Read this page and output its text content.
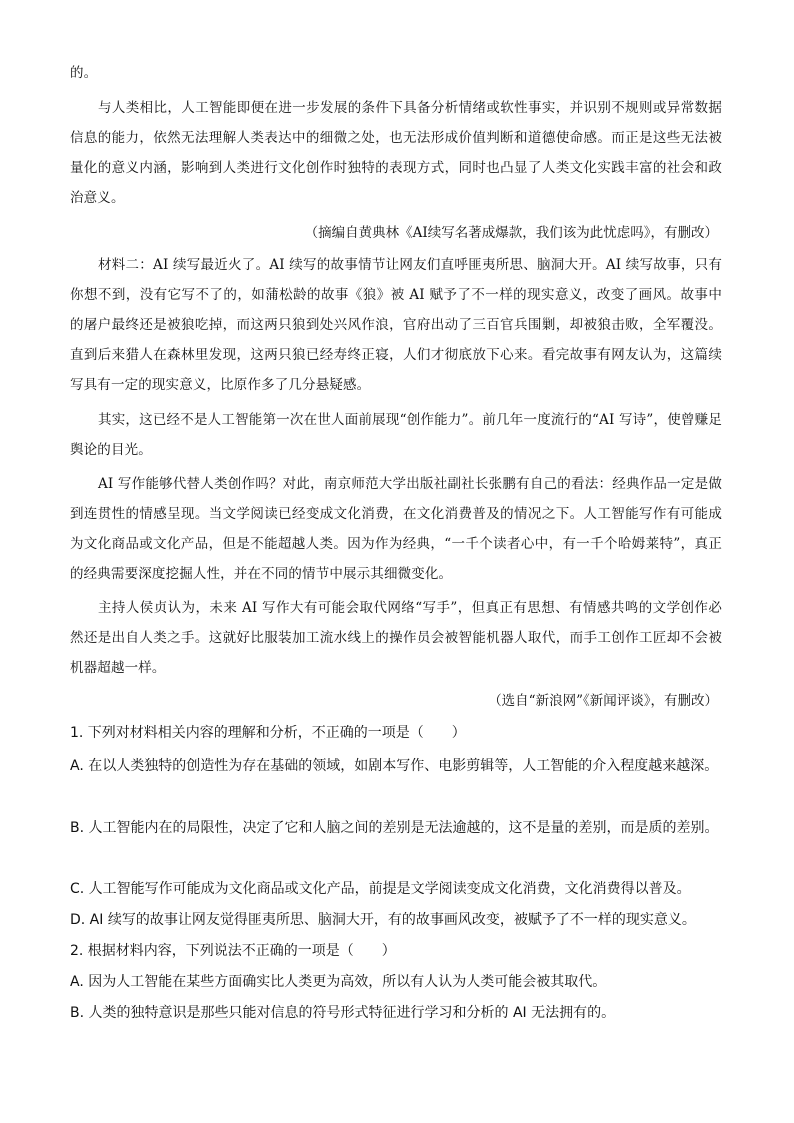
的。
与人类相比，人工智能即便在进一步发展的条件下具备分析情绪或软性事实，并识别不规则或异常数据信息的能力，依然无法理解人类表达中的细微之处，也无法形成价值判断和道德使命感。而正是这些无法被量化的意义内涵，影响到人类进行文化创作时独特的表现方式，同时也凸显了人类文化实践丰富的社会和政治意义。
（摘编自黄典林《AI续写名著成爆款，我们该为此忧虑吗》，有删改）
材料二：AI 续写最近火了。AI 续写的故事情节让网友们直呼匪夷所思、脑洞大开。AI 续写故事，只有你想不到，没有它写不了的，如蒲松龄的故事《狼》被 AI 赋予了不一样的现实意义，改变了画风。故事中的屠户最终还是被狼吃掉，而这两只狼到处兴风作浪，官府出动了三百官兵围剿，却被狼击败，全军覆没。直到后来猎人在森林里发现，这两只狼已经寿终正寝，人们才彻底放下心来。看完故事有网友认为，这篇续写具有一定的现实意义，比原作多了几分悬疑感。
其实，这已经不是人工智能第一次在世人面前展现“创作能力”。前几年一度流行的“AI 写诗”，使曾赚足舆论的目光。
AI 写作能够代替人类创作吗？对此，南京师范大学出版社副社长张鹏有自己的看法：经典作品一定是做到连贯性的情感呈现。当文学阅读已经变成文化消费，在文化消费普及的情况之下。人工智能写作有可能成为文化商品或文化产品，但是不能超越人类。因为作为经典，“一千个读者心中，有一千个哈姆莱特”，真正的经典需要深度挖掘人性，并在不同的情节中展示其细微变化。
主持人侯贞认为，未来 AI 写作大有可能会取代网络“写手”，但真正有思想、有情感共鸣的文学创作必然还是出自人类之手。这就好比服装加工流水线上的操作员会被智能机器人取代，而手工创作工匠却不会被机器超越一样。
（选自“新浪网”《新闻评谈》，有删改）
1. 下列对材料相关内容的理解和分析，不正确的一项是（　　）
A. 在以人类独特的创造性为存在基础的领域，如剧本写作、电影剪辑等，人工智能的介入程度越来越深。
B. 人工智能内在的局限性，决定了它和人脑之间的差别是无法逾越的，这不是量的差别，而是质的差别。
C. 人工智能写作可能成为文化商品或文化产品，前提是文学阅读变成文化消费，文化消费得以普及。
D. AI 续写的故事让网友觉得匪夷所思、脑洞大开，有的故事画风改变，被赋予了不一样的现实意义。
2. 根据材料内容，下列说法不正确的一项是（　　）
A. 因为人工智能在某些方面确实比人类更为高效，所以有人认为人类可能会被其取代。
B. 人类的独特意识是那些只能对信息的符号形式特征进行学习和分析的 AI 无法拥有的。
